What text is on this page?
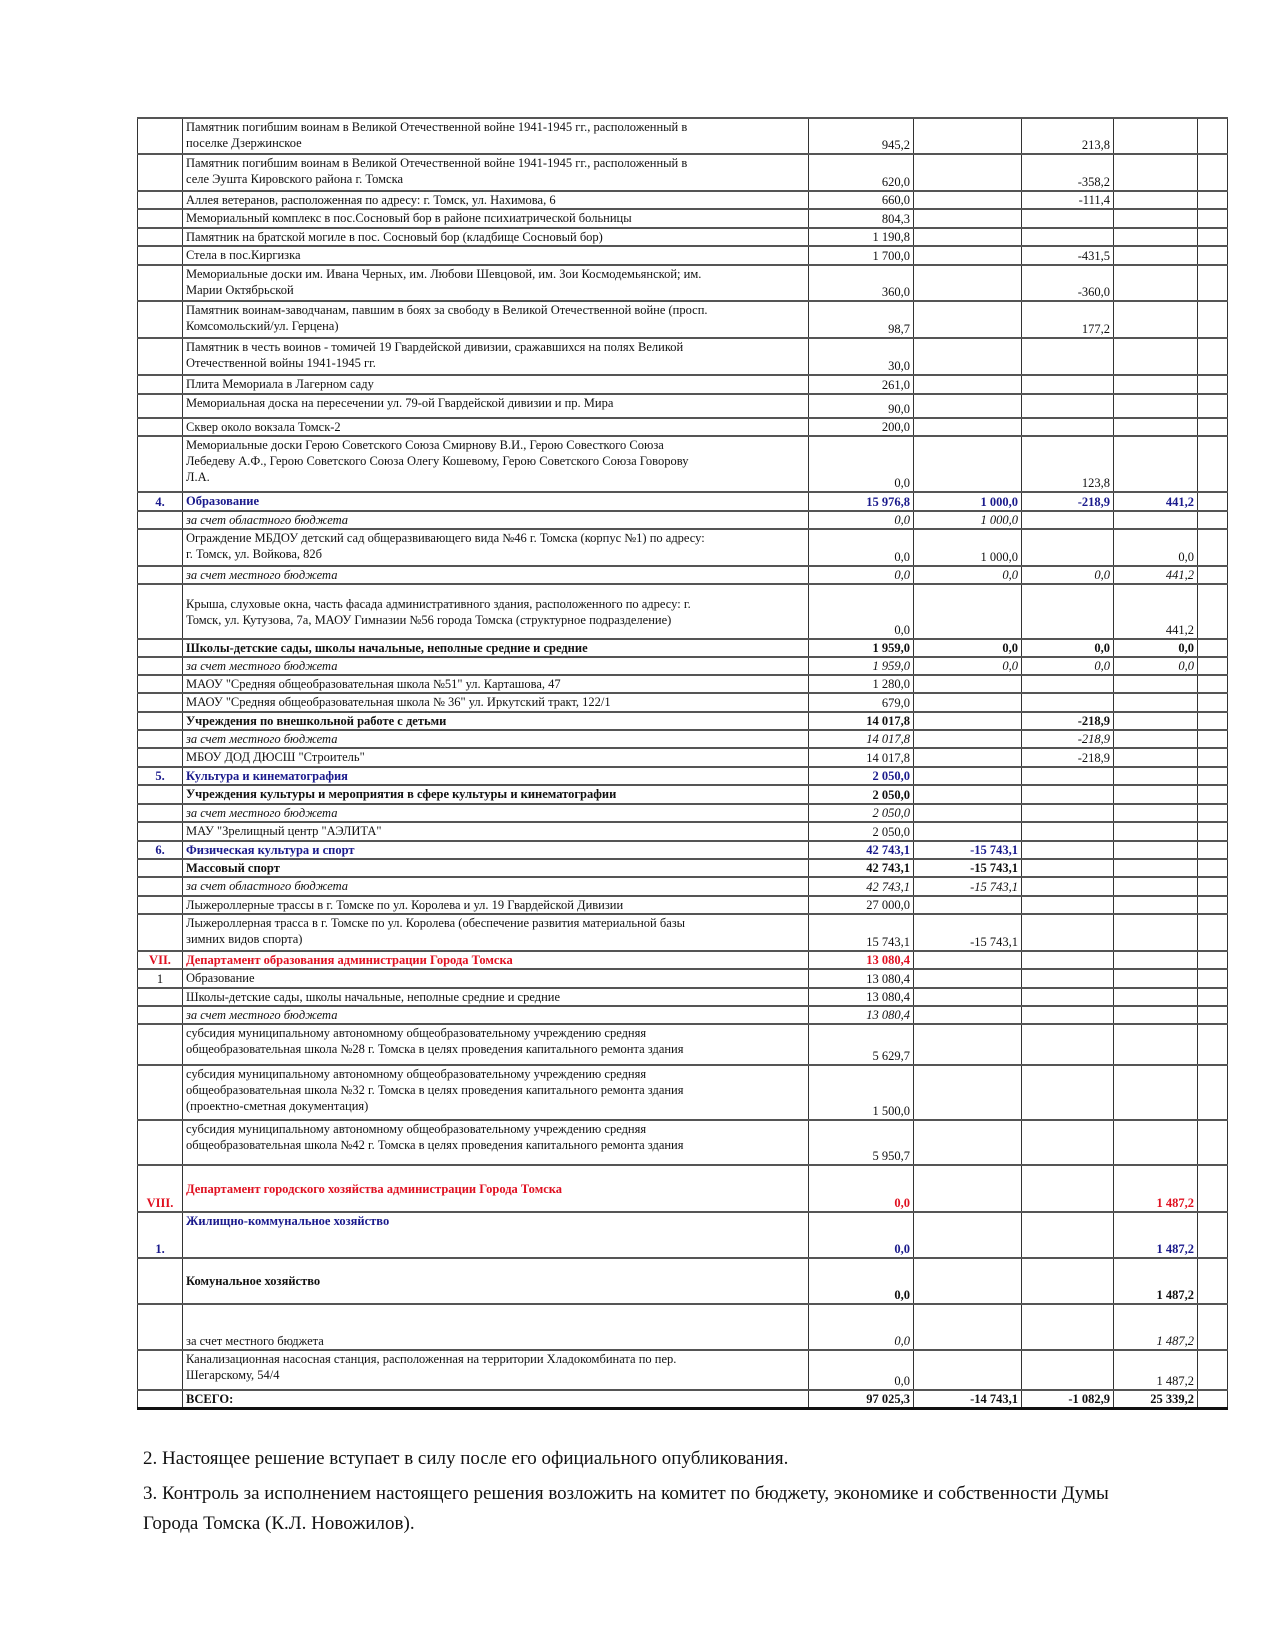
	Памятник погибшим воинам в Великой Отечественной войне 1941-1945 гг., расположенный в
поселке Дзержинское	945,2		213,8		
	Памятник погибшим воинам в Великой Отечественной войне 1941-1945 гг., расположенный в
селе Эушта Кировского района г. Томска	620,0		-358,2		
	Аллея ветеранов, расположенная по адресу: г. Томск, ул. Нахимова, 6	660,0		-111,4		
	Мемориальный комплекс в пос.Сосновый бор в районе психиатрической больницы	804,3				
	Памятник на братской могиле в пос. Сосновый бор (кладбище Сосновый бор)	1 190,8				
	Стела в пос.Киргизка	1 700,0		-431,5		
	Мемориальные доски им. Ивана Черных, им. Любови Шевцовой, им. Зои Космодемьянской; им.
Марии Октябрьской	360,0		-360,0		
	Памятник воинам-заводчанам, павшим в боях за свободу в Великой Отечественной войне (просп.
Комсомольский/ул. Герцена)	98,7		177,2		
	Памятник в честь воинов - томичей 19 Гвардейской дивизии, сражавшихся на полях Великой
Отечественной войны 1941-1945 гг.	30,0				
	Плита Мемориала в Лагерном саду	261,0				
	Мемориальная доска на пересечении ул. 79-ой Гвардейской дивизии и пр. Мира	90,0				
	Сквер около вокзала Томск-2	200,0				
	Мемориальные доски Герою Советского Союза Смирнову В.И., Герою Совесткого Союза
Лебедеву А.Ф., Герою Советского Союза Олегу Кошевому, Герою Советского Союза Говорову
Л.А.	0,0		123,8		
4.	Образование	15 976,8	1 000,0	-218,9	441,2	
	за счет областного бюджета	0,0	1 000,0			
	Ограждение МБДОУ детский сад общеразвивающего вида №46 г. Томска (корпус №1) по адресу:
г. Томск, ул. Войкова, 82б	0,0	1 000,0		0,0	
	за счет местного бюджета	0,0	0,0	0,0	441,2	
	Крыша, слуховые окна, часть фасада административного здания, расположенного по адресу: г.
Томск, ул. Кутузова, 7а, МАОУ Гимназии №56 города Томска (структурное подразделение)	0,0			441,2	
	Школы-детские сады, школы начальные, неполные средние и средние	1 959,0	0,0	0,0	0,0	
	за счет местного бюджета	1 959,0	0,0	0,0	0,0	
	МАОУ "Средняя общеобразовательная школа №51" ул. Карташова, 47	1 280,0				
	МАОУ "Средняя общеобразовательная школа № 36" ул. Иркутский тракт, 122/1	679,0				
	Учреждения по внешкольной работе с детьми	14 017,8		-218,9		
	за счет местного бюджета	14 017,8		-218,9		
	МБОУ ДОД ДЮСШ "Строитель"	14 017,8		-218,9		
5.	Культура и кинематография	2 050,0				
	Учреждения культуры и мероприятия в сфере культуры и кинематографии	2 050,0				
	за счет местного бюджета	2 050,0				
	МАУ "Зрелищный центр "АЭЛИТА"	2 050,0				
6.	Физическая культура и спорт	42 743,1	-15 743,1			
	Массовый спорт	42 743,1	-15 743,1			
	за счет областного бюджета	42 743,1	-15 743,1			
	Лыжероллерные трассы в г. Томске по ул. Королева и ул. 19 Гвардейской Дивизии	27 000,0				
	Лыжероллерная трасса в г. Томске по ул. Королева (обеспечение развития материальной базы
зимних видов спорта)	15 743,1	-15 743,1			
VII.	Департамент образования администрации Города Томска	13 080,4				
1	Образование	13 080,4				
	Школы-детские сады, школы начальные, неполные средние и средние	13 080,4				
	за счет местного бюджета	13 080,4				
	субсидия муниципальному автономному общеобразовательному учреждению средняя
общеобразовательная школа №28 г. Томска в целях проведения капитального ремонта здания	5 629,7				
	субсидия муниципальному автономному общеобразовательному учреждению средняя
общеобразовательная школа №32 г. Томска в целях проведения капитального ремонта здания
(проектно-сметная документация)	1 500,0				
	субсидия муниципальному автономному общеобразовательному учреждению средняя
общеобразовательная школа №42 г. Томска в целях проведения капитального ремонта здания	5 950,7				
VIII.	Департамент городского хозяйства администрации Города Томска	0,0			1 487,2	
1.	Жилищно-коммунальное хозяйство	0,0			1 487,2	
	Комунальное хозяйство	0,0			1 487,2	
	за счет местного бюджета	0,0			1 487,2	
	Канализационная насосная станция, расположенная на территории Хладокомбината по пер.
Шегарскому, 54/4	0,0			1 487,2	
	ВСЕГО:	97 025,3	-14 743,1	-1 082,9	25 339,2	
2. Настоящее решение вступает в силу после его официального опубликования.
3. Контроль за исполнением настоящего решения возложить на комитет по бюджету, экономике и собственности Думы
Города Томска (К.Л. Новожилов).
